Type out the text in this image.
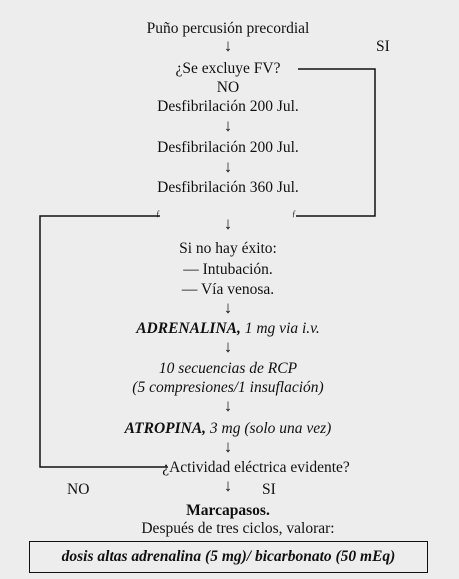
Puño percusión precordial
↓	SI
¿Se excluye FV?
NO
Desfibrilación 200 Jul.
↓
Desfibrilación 200 Jul.
↓
Desfibrilación 360 Jul.
ƒ	ƒ
↓
Si no hay éxito:
— Intubación.
— Vía venosa.
↓
ADRENALINA, 1 mg via i.v.
↓
10 secuencias de RCP
(5 compresiones/1 insuflación)
↓
ATROPINA, 3 mg (solo una vez)
↓
¿Actividad eléctrica evidente?
NO	↓ SI
Marcapasos.
Después de tres ciclos, valorar:
dosis altas adrenalina (5 mg)/ bicarbonato (50 mEq)
